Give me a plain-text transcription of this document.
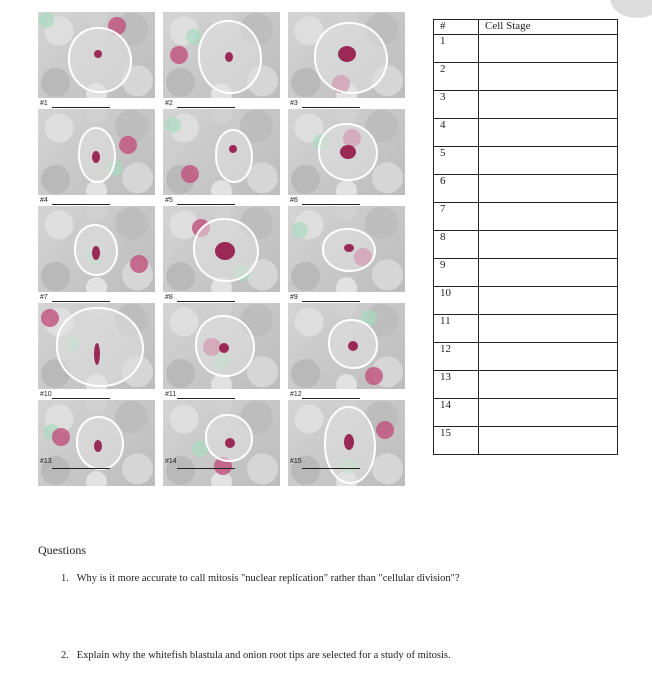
#1	#2	#3
#4	#5	#6
#7	#8	#9
#10	#11	#12
#13	#14	#15
#	Cell Stage
1	
2	
3	
4	
5	
6	
7	
8	
9	
10	
11	
12	
13	
14	
15	
Questions
1. Why is it more accurate to call mitosis "nuclear replication" rather than "cellular division"?
2. Explain why the whitefish blastula and onion root tips are selected for a study of mitosis.
